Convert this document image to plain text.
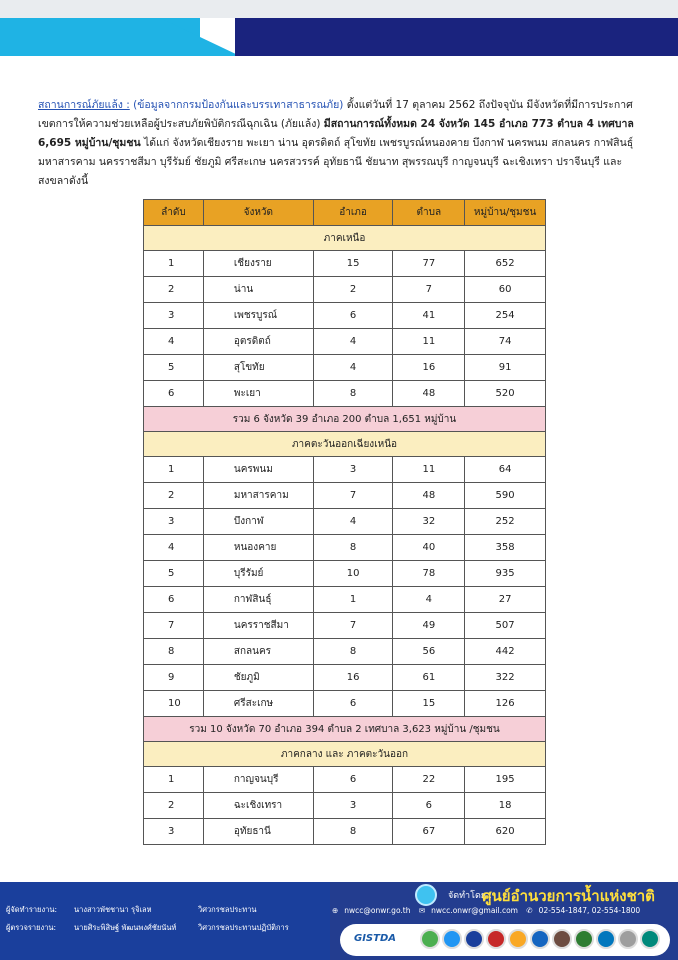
สถานการณ์ภัยแล้ง : (ข้อมูลจากกรมป้องกันและบรรเทาสาธารณภัย) ตั้งแต่วันที่ 17 ตุลาคม 2562 ถึงปัจจุบัน มีจังหวัดที่มีการประกาศเขตการให้ความช่วยเหลือผู้ประสบภัยพิบัติกรณีฉุกเฉิน (ภัยแล้ง) มีสถานการณ์ทั้งหมด 24 จังหวัด 145 อำเภอ 773 ตำบล 4 เทศบาล 6,695 หมู่บ้าน/ชุมชน ได้แก่ จังหวัดเชียงราย พะเยา น่าน อุตรดิตถ์ สุโขทัย เพชรบูรณ์หนองคาย บึงกาฬ นครพนม สกลนคร กาฬสินธุ์ มหาสารคาม นครราชสีมา บุรีรัมย์ ชัยภูมิ ศรีสะเกษ นครสวรรค์ อุทัยธานี ชัยนาท สุพรรณบุรี กาญจนบุรี ฉะเชิงเทรา ปราจีนบุรี และ สงขลาดังนี้
ลำดับ	จังหวัด	อำเภอ	ตำบล	หมู่บ้าน/ชุมชน
ภาคเหนือ				
1	เชียงราย	15	77	652
2	น่าน	2	7	60
3	เพชรบูรณ์	6	41	254
4	อุตรดิตถ์	4	11	74
5	สุโขทัย	4	16	91
6	พะเยา	8	48	520
รวม 6 จังหวัด 39 อำเภอ 200 ตำบล 1,651 หมู่บ้าน				
ภาคตะวันออกเฉียงเหนือ				
1	นครพนม	3	11	64
2	มหาสารคาม	7	48	590
3	บึงกาฬ	4	32	252
4	หนองคาย	8	40	358
5	บุรีรัมย์	10	78	935
6	กาฬสินธุ์	1	4	27
7	นครราชสีมา	7	49	507
8	สกลนคร	8	56	442
9	ชัยภูมิ	16	61	322
10	ศรีสะเกษ	6	15	126
รวม 10 จังหวัด 70 อำเภอ 394 ตำบล 2 เทศบาล 3,623 หมู่บ้าน /ชุมชน				
ภาคกลาง และ ภาคตะวันออก				
1	กาญจนบุรี	6	22	195
2	ฉะเชิงเทรา	3	6	18
3	อุทัยธานี	8	67	620
ผู้จัดทำรายงาน: นางสาวพัชชานา รุจิเลห	วิศวกรชลประทาน
ผู้ตรวจรายงาน: นายศิระพิสิษฐ์ พัฒนพงศ์ชัยนันท์	วิศวกรชลประทานปฏิบัติการ
จัดทำโดย :
ศูนย์อำนวยการน้ำแห่งชาติ
⊕ nwcc@onwr.go.th ✉ nwcc.onwr@gmail.com ✆ 02-554-1847, 02-554-1800
GISTDA
